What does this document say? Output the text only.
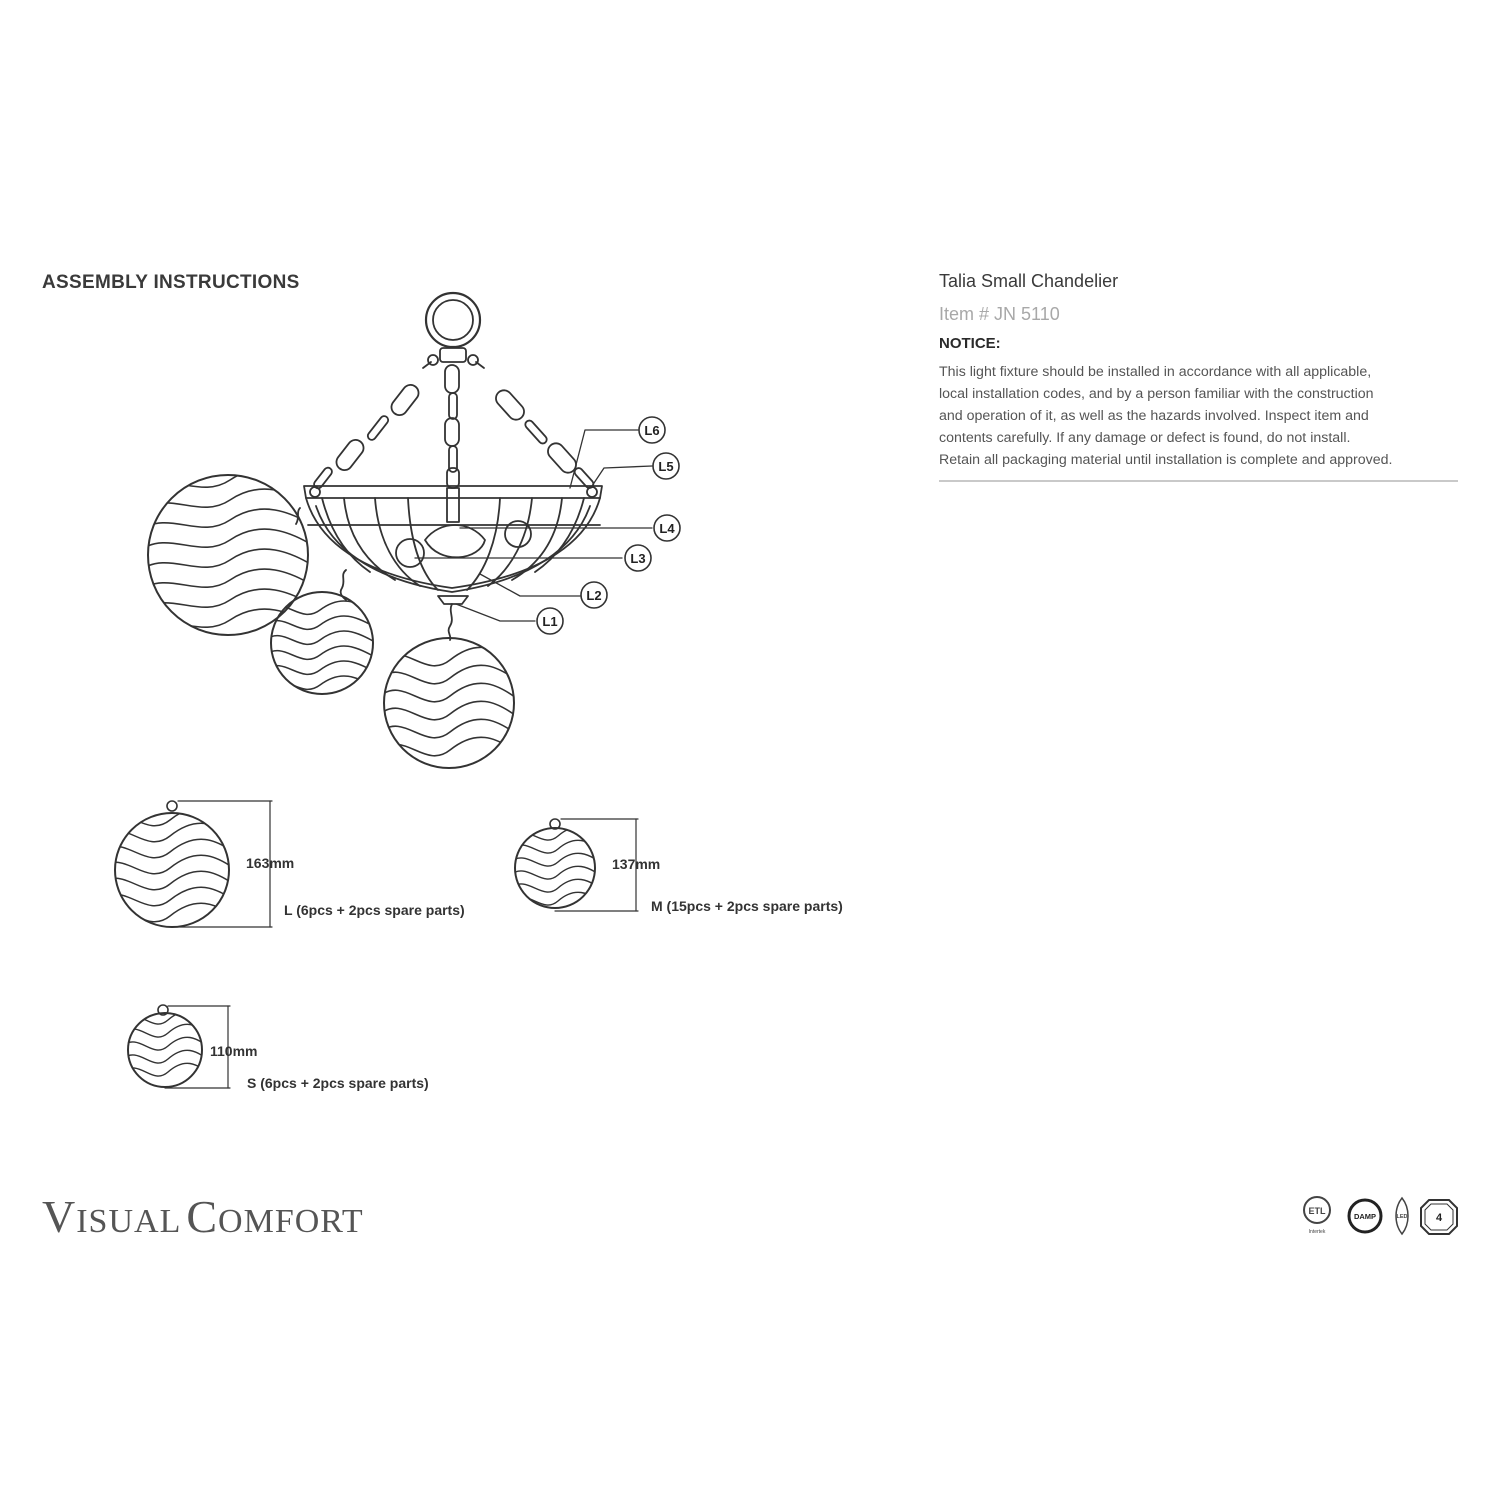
ASSEMBLY INSTRUCTIONS	Talia Small Chandelier
Item # JN 5110
NOTICE:
This light fixture should be installed in accordance with all applicable,
local installation codes, and by a person familiar with the construction
and operation of it, as well as the hazards involved. Inspect item and
contents carefully. If any damage or defect is found, do not install.
Retain all packaging material until installation is complete and approved.
L6
L5
L4
L3
L2
L1
163mm
L (6pcs + 2pcs spare parts)
137mm
M (15pcs + 2pcs spare parts)
110mm
S (6pcs + 2pcs spare parts)
VISUAL COMFORT	ETL
Intertek
DAMP	LED	4
